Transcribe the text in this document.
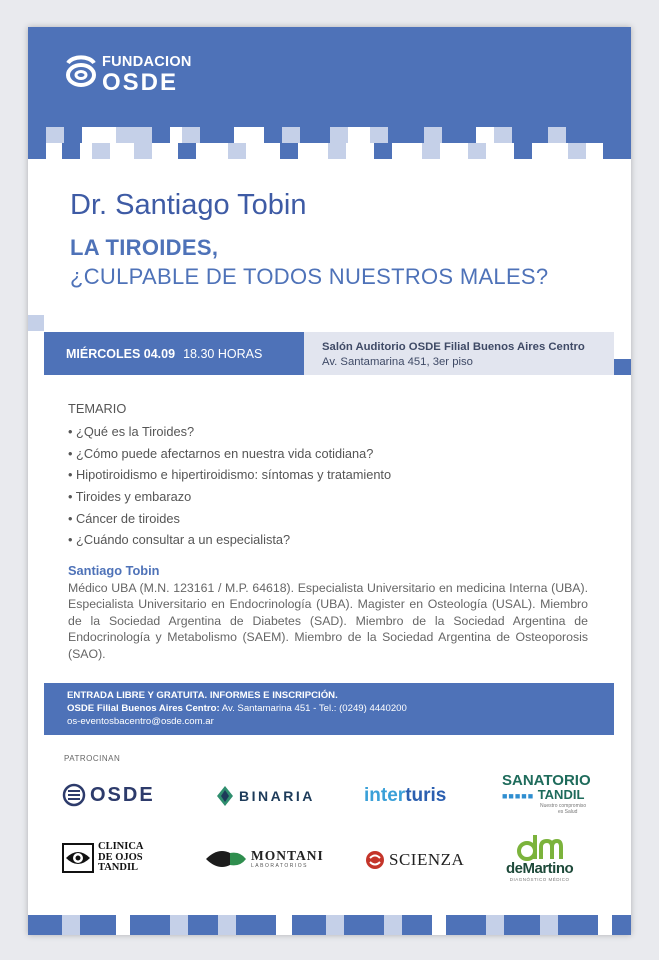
FUNDACION
OSDE
Dr. Santiago Tobin
LA TIROIDES,
¿CULPABLE DE TODOS NUESTROS MALES?
MIÉRCOLES 04.09 18.30 HORAS	Salón Auditorio OSDE Filial Buenos Aires Centro
Av. Santamarina 451, 3er piso
TEMARIO
• ¿Qué es la Tiroides?
• ¿Cómo puede afectarnos en nuestra vida cotidiana?
• Hipotiroidismo e hipertiroidismo: síntomas y tratamiento
• Tiroides y embarazo
• Cáncer de tiroides
• ¿Cuándo consultar a un especialista?
Santiago Tobin
Médico UBA (M.N. 123161 / M.P. 64618). Especialista Universitario en medicina Interna (UBA). Especialista Universitario en Endocrinología (UBA). Magister en Osteología (USAL). Miembro de la Sociedad Argentina de Diabetes (SAD). Miembro de la Sociedad Argentina de Endocrinología y Metabolismo (SAEM). Miembro de la Sociedad Argentina de Osteoporosis (SAO).
ENTRADA LIBRE Y GRATUITA. INFORMES E INSCRIPCIÓN.
OSDE Filial Buenos Aires Centro: Av. Santamarina 451 - Tel.: (0249) 4440200
os-eventosbacentro@osde.com.ar
PATROCINAN
OSDE	BINARIA	inter turis
SANATORIO
■■■■■ TANDIL
Nuestro compromiso
es Salud
CLINICA
DE OJOS
TANDIL
MONTANI
LABORATORIOS	SCIENZA	deMartino
DIAGNÓSTICO MÉDICO
